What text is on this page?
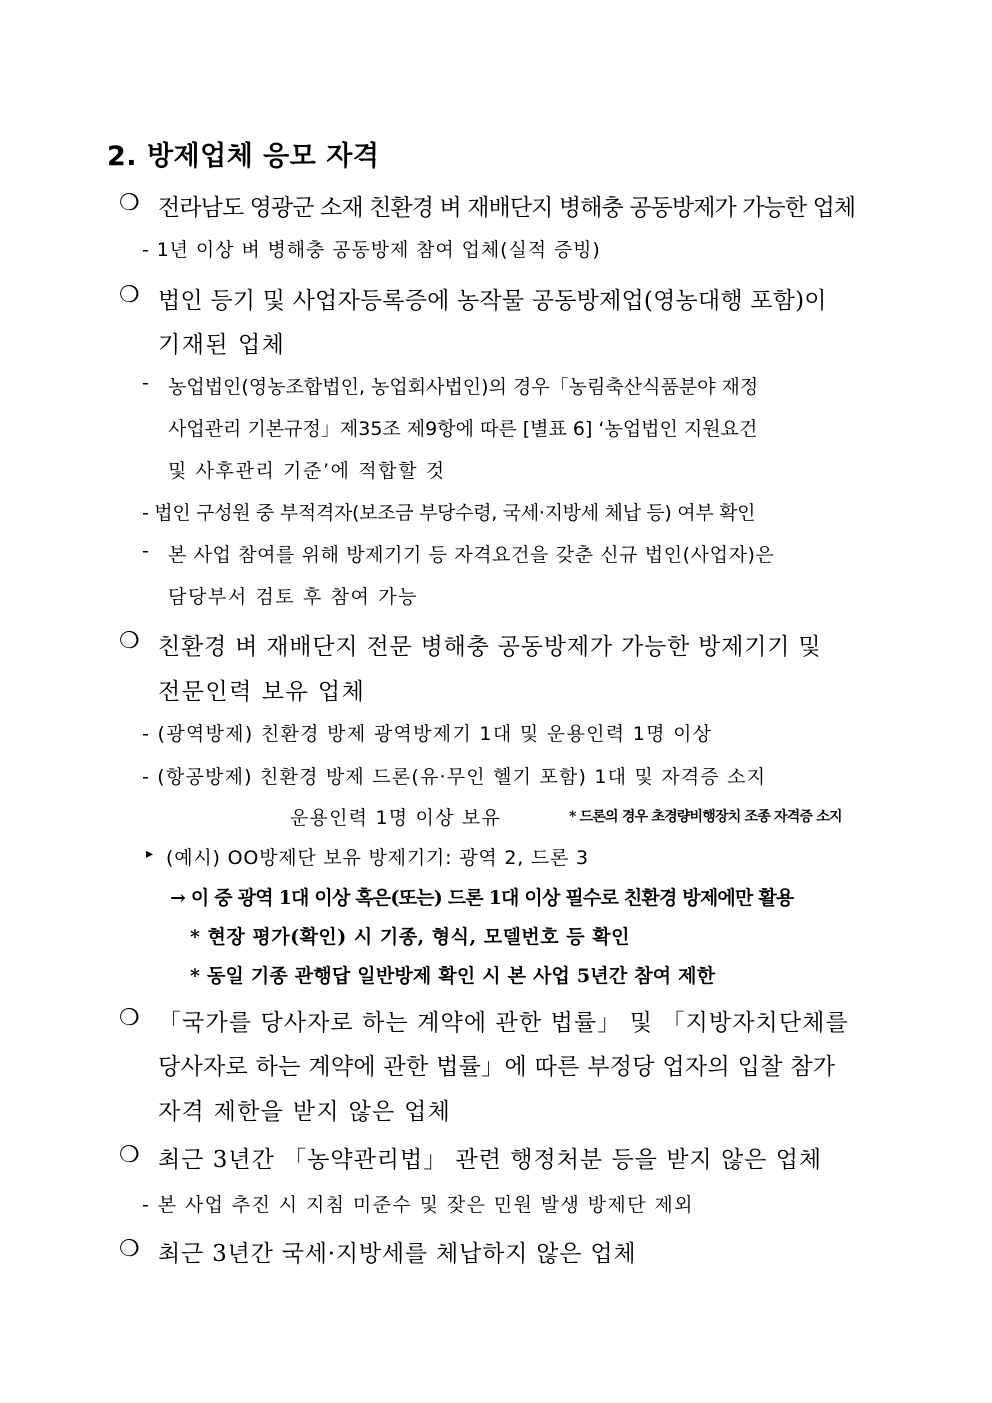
2. 방제업체 응모 자격
❍ 전라남도 영광군 소재 친환경 벼 재배단지 병해충 공동방제가 가능한 업체
- 1년 이상 벼 병해충 공동방제 참여 업체(실적 증빙)
❍ 법인 등기 및 사업자등록증에 농작물 공동방제업(영농대행 포함)이
기재된 업체
- 농업법인(영농조합법인, 농업회사법인)의 경우「농림축산식품분야 재정
사업관리 기본규정」제35조 제9항에 따른 [별표 6] ‘농업법인 지원요건
및 사후관리 기준’에 적합할 것
- 법인 구성원 중 부적격자(보조금 부당수령, 국세·지방세 체납 등) 여부 확인
- 본 사업 참여를 위해 방제기기 등 자격요건을 갖춘 신규 법인(사업자)은
담당부서 검토 후 참여 가능
❍ 친환경 벼 재배단지 전문 병해충 공동방제가 가능한 방제기기 및
전문인력 보유 업체
- (광역방제) 친환경 방제 광역방제기 1대 및 운용인력 1명 이상
- (항공방제) 친환경 방제 드론(유·무인 헬기 포함) 1대 및 자격증 소지
운용인력 1명 이상 보유	* 드론의 경우 초경량비행장치 조종 자격증 소지
▸ (예시) OO방제단 보유 방제기기: 광역 2, 드론 3
→ 이 중 광역 1대 이상 혹은(또는) 드론 1대 이상 필수로 친환경 방제에만 활용
* 현장 평가(확인) 시 기종, 형식, 모델번호 등 확인
* 동일 기종 관행답 일반방제 확인 시 본 사업 5년간 참여 제한
❍ 「국가를 당사자로 하는 계약에 관한 법률」 및 「지방자치단체를
당사자로 하는 계약에 관한 법률」에 따른 부정당 업자의 입찰 참가
자격 제한을 받지 않은 업체
❍ 최근 3년간 「농약관리법」 관련 행정처분 등을 받지 않은 업체
- 본 사업 추진 시 지침 미준수 및 잦은 민원 발생 방제단 제외
❍ 최근 3년간 국세·지방세를 체납하지 않은 업체
